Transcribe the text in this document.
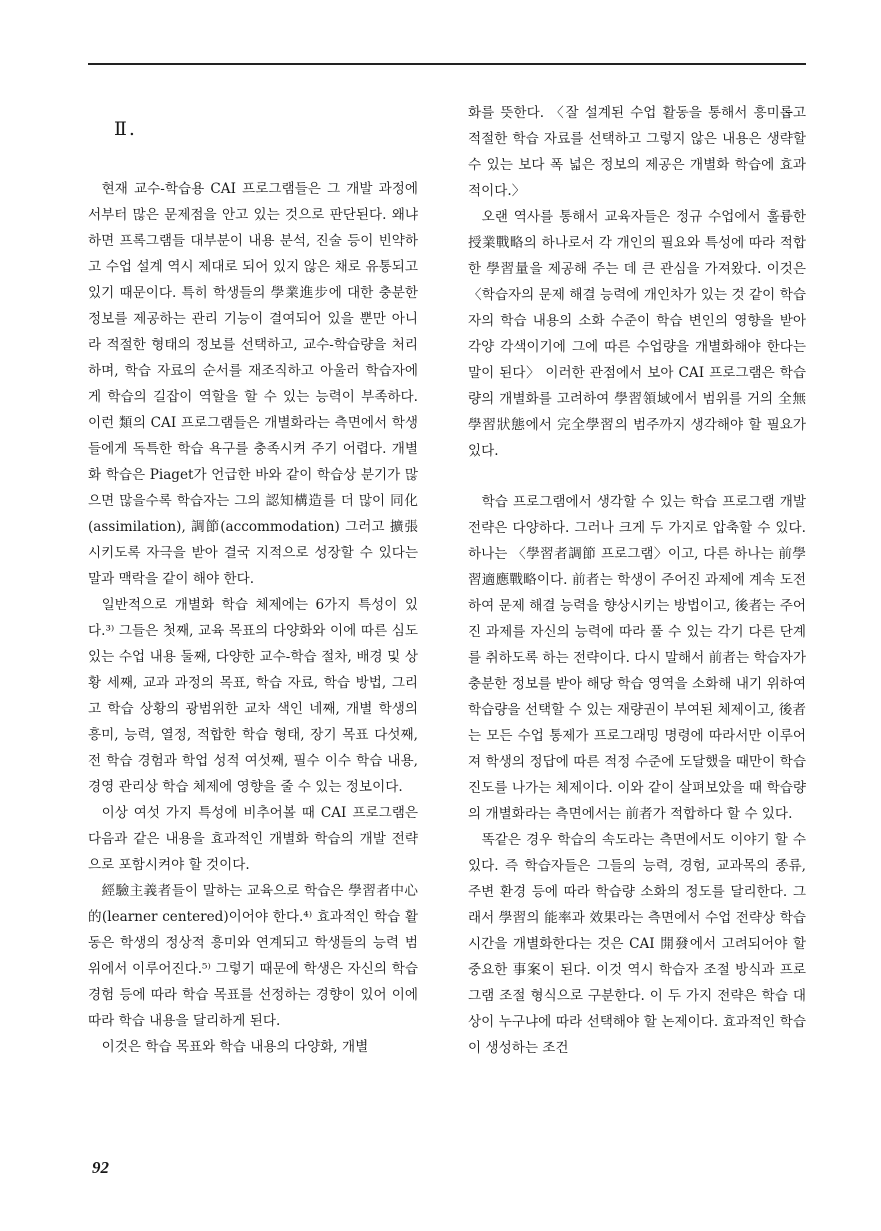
Ⅱ.

현재 교수-학습용 CAI 프로그램들은 그 개발 과정에서부터 많은 문제점을 안고 있는 것으로 판단된다. 왜냐 하면 프록그램들 대부분이 내용 분석, 진술 등이 빈약하고 수업 설계 역시 제대로 되어 있지 않은 채로 유통되고 있기 때문이다. 특히 학생들의 學業進步에 대한 충분한 정보를 제공하는 관리 기능이 결여되어 있을 뿐만 아니라 적절한 형태의 정보를 선택하고, 교수-학습량을 처리하며, 학습 자료의 순서를 재조직하고 아울러 학습자에게 학습의 길잡이 역할을 할 수 있는 능력이 부족하다. 이런 類의 CAI 프로그램들은 개별화라는 측면에서 학생들에게 독특한 학습 욕구를 충족시켜 주기 어렵다. 개별화 학습은 Piaget가 언급한 바와 같이 학습상 분기가 많으면 많을수록 학습자는 그의 認知構造를 더 많이 同化(assimilation), 調節(accommodation) 그러고 擴張시키도록 자극을 받아 결국 지적으로 성장할 수 있다는 말과 맥락을 같이 해야 한다.

일반적으로 개별화 학습 체제에는 6가지 특성이 있다.³⁾ 그들은 첫째, 교육 목표의 다양화와 이에 따른 심도 있는 수업 내용 둘째, 다양한 교수-학습 절차, 배경 및 상황 세째, 교과 과정의 목표, 학습 자료, 학습 방법, 그리고 학습 상황의 광범위한 교차 색인 네째, 개별 학생의 흥미, 능력, 열정, 적합한 학습 형태, 장기 목표 다섯째, 전 학습 경험과 학업 성적 여섯째, 필수 이수 학습 내용, 경영 관리상 학습 체제에 영향을 줄 수 있는 정보이다.

이상 여섯 가지 특성에 비추어볼 때 CAI 프로그램은 다음과 같은 내용을 효과적인 개별화 학습의 개발 전략으로 포함시켜야 할 것이다.

經驗主義者들이 말하는 교육으로 학습은 學習者中心的(learner centered)이어야 한다.⁴⁾ 효과적인 학습 활동은 학생의 정상적 흥미와 연계되고 학생들의 능력 범위에서 이루어진다.⁵⁾ 그렇기 때문에 학생은 자신의 학습 경험 등에 따라 학습 목표를 선정하는 경향이 있어 이에 따라 학습 내용을 달리하게 된다.

이것은 학습 목표와 학습 내용의 다양화, 개별

화를 뜻한다. 〈잘 설계된 수업 활동을 통해서 흥미롭고 적절한 학습 자료를 선택하고 그렇지 않은 내용은 생략할 수 있는 보다 폭 넓은 정보의 제공은 개별화 학습에 효과적이다.〉

오랜 역사를 통해서 교육자들은 정규 수업에서 훌륭한 授業戰略의 하나로서 각 개인의 필요와 특성에 따라 적합한 學習量을 제공해 주는 데 큰 관심을 가져왔다. 이것은 〈학습자의 문제 해결 능력에 개인차가 있는 것 같이 학습자의 학습 내용의 소화 수준이 학습 변인의 영향을 받아 각양 각색이기에 그에 따른 수업량을 개별화해야 한다는 말이 된다〉 이러한 관점에서 보아 CAI 프로그램은 학습량의 개별화를 고려하여 學習領域에서 범위를 거의 全無學習狀態에서 完全學習의 범주까지 생각해야 할 필요가 있다.

학습 프로그램에서 생각할 수 있는 학습 프로그램 개발 전략은 다양하다. 그러나 크게 두 가지로 압축할 수 있다. 하나는 〈學習者調節 프로그램〉이고, 다른 하나는 前學習適應戰略이다. 前者는 학생이 주어진 과제에 계속 도전하여 문제 해결 능력을 향상시키는 방법이고, 後者는 주어진 과제를 자신의 능력에 따라 풀 수 있는 각기 다른 단계를 취하도록 하는 전략이다. 다시 말해서 前者는 학습자가 충분한 정보를 받아 해당 학습 영역을 소화해 내기 위하여 학습량을 선택할 수 있는 재량권이 부여된 체제이고, 後者는 모든 수업 통제가 프로그래밍 명령에 따라서만 이루어져 학생의 정답에 따른 적정 수준에 도달했을 때만이 학습 진도를 나가는 체제이다. 이와 같이 살펴보았을 때 학습량의 개별화라는 측면에서는 前者가 적합하다 할 수 있다.

똑같은 경우 학습의 속도라는 측면에서도 이야기 할 수 있다. 즉 학습자들은 그들의 능력, 경험, 교과목의 종류, 주변 환경 등에 따라 학습량 소화의 정도를 달리한다. 그래서 學習의 能率과 效果라는 측면에서 수업 전략상 학습 시간을 개별화한다는 것은 CAI 開發에서 고려되어야 할 중요한 事案이 된다. 이것 역시 학습자 조절 방식과 프로그램 조절 형식으로 구분한다. 이 두 가지 전략은 학습 대상이 누구냐에 따라 선택해야 할 논제이다. 효과적인 학습이 생성하는 조건

92
